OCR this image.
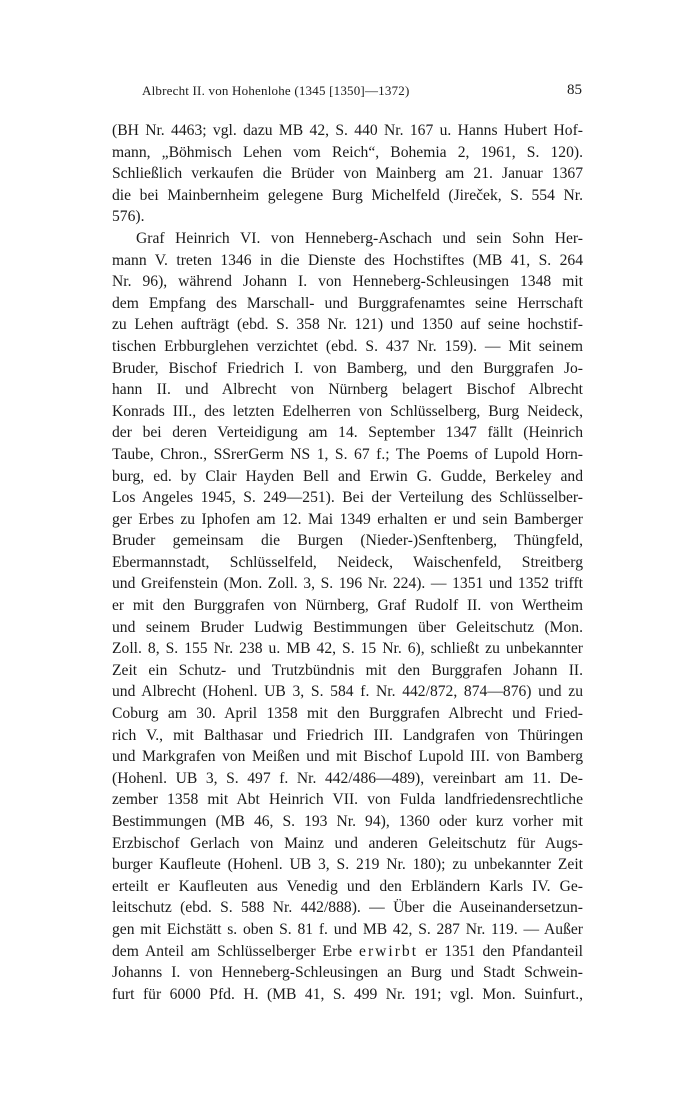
Albrecht II. von Hohenlohe (1345 [1350]—1372)	85
(BH Nr. 4463; vgl. dazu MB 42, S. 440 Nr. 167 u. Hanns Hubert Hof-
mann, „Böhmisch Lehen vom Reich“, Bohemia 2, 1961, S. 120).
Schließlich verkaufen die Brüder von Mainberg am 21. Januar 1367
die bei Mainbernheim gelegene Burg Michelfeld (Jireček, S. 554 Nr.
576).
Graf Heinrich VI. von Henneberg-Aschach und sein Sohn Her-
mann V. treten 1346 in die Dienste des Hochstiftes (MB 41, S. 264
Nr. 96), während Johann I. von Henneberg-Schleusingen 1348 mit
dem Empfang des Marschall- und Burggrafenamtes seine Herrschaft
zu Lehen aufträgt (ebd. S. 358 Nr. 121) und 1350 auf seine hochstif-
tischen Erbburglehen verzichtet (ebd. S. 437 Nr. 159). — Mit seinem
Bruder, Bischof Friedrich I. von Bamberg, und den Burggrafen Jo-
hann II. und Albrecht von Nürnberg belagert Bischof Albrecht
Konrads III., des letzten Edelherren von Schlüsselberg, Burg Neideck,
der bei deren Verteidigung am 14. September 1347 fällt (Heinrich
Taube, Chron., SSrerGerm NS 1, S. 67 f.; The Poems of Lupold Horn-
burg, ed. by Clair Hayden Bell and Erwin G. Gudde, Berkeley and
Los Angeles 1945, S. 249—251). Bei der Verteilung des Schlüsselber-
ger Erbes zu Iphofen am 12. Mai 1349 erhalten er und sein Bamberger
Bruder gemeinsam die Burgen (Nieder-)Senftenberg, Thüngfeld,
Ebermannstadt, Schlüsselfeld, Neideck, Waischenfeld, Streitberg
und Greifenstein (Mon. Zoll. 3, S. 196 Nr. 224). — 1351 und 1352 trifft
er mit den Burggrafen von Nürnberg, Graf Rudolf II. von Wertheim
und seinem Bruder Ludwig Bestimmungen über Geleitschutz (Mon.
Zoll. 8, S. 155 Nr. 238 u. MB 42, S. 15 Nr. 6), schließt zu unbekannter
Zeit ein Schutz- und Trutzbündnis mit den Burggrafen Johann II.
und Albrecht (Hohenl. UB 3, S. 584 f. Nr. 442/872, 874—876) und zu
Coburg am 30. April 1358 mit den Burggrafen Albrecht und Fried-
rich V., mit Balthasar und Friedrich III. Landgrafen von Thüringen
und Markgrafen von Meißen und mit Bischof Lupold III. von Bamberg
(Hohenl. UB 3, S. 497 f. Nr. 442/486—489), vereinbart am 11. De-
zember 1358 mit Abt Heinrich VII. von Fulda landfriedensrechtliche
Bestimmungen (MB 46, S. 193 Nr. 94), 1360 oder kurz vorher mit
Erzbischof Gerlach von Mainz und anderen Geleitschutz für Augs-
burger Kaufleute (Hohenl. UB 3, S. 219 Nr. 180); zu unbekannter Zeit
erteilt er Kaufleuten aus Venedig und den Erbländern Karls IV. Ge-
leitschutz (ebd. S. 588 Nr. 442/888). — Über die Auseinandersetzun-
gen mit Eichstätt s. oben S. 81 f. und MB 42, S. 287 Nr. 119. — Außer
dem Anteil am Schlüsselberger Erbe erwirbt er 1351 den Pfandanteil
Johanns I. von Henneberg-Schleusingen an Burg und Stadt Schwein-
furt für 6000 Pfd. H. (MB 41, S. 499 Nr. 191; vgl. Mon. Suinfurt.,
